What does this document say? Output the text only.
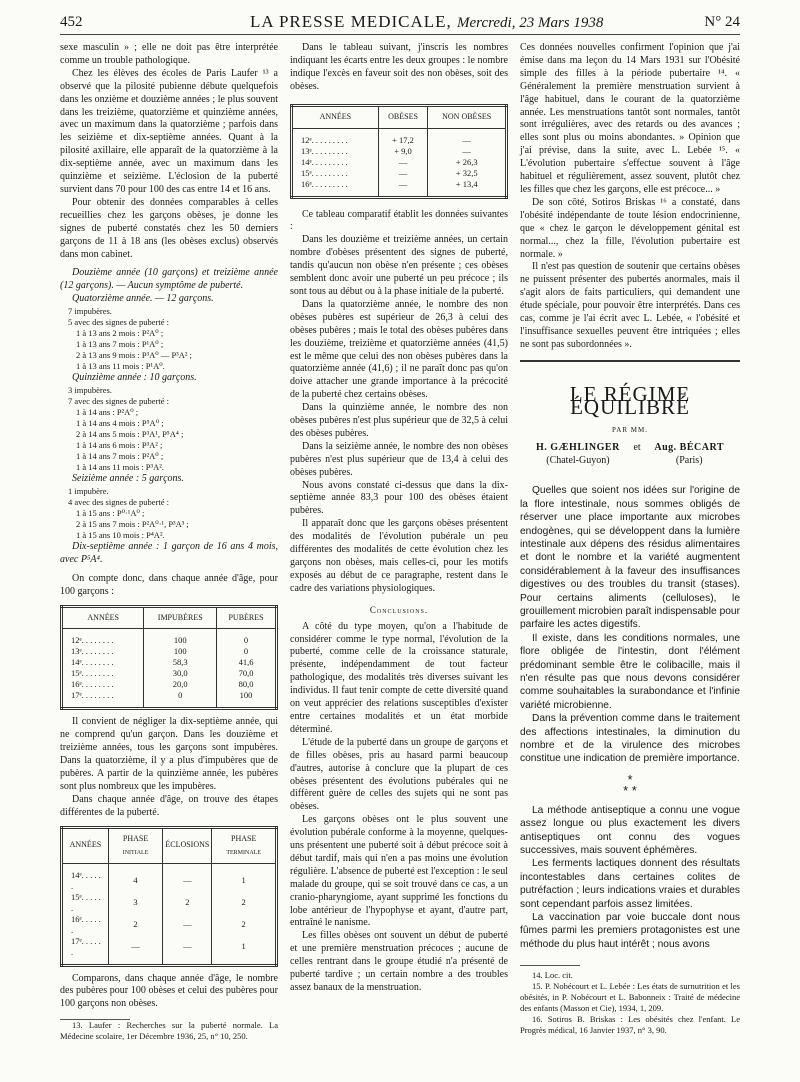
452	LA PRESSE MEDICALE, Mercredi, 23 Mars 1938	N° 24

sexe masculin » ; elle ne doit pas être interprétée comme un trouble pathologique.

Chez les élèves des écoles de Paris Laufer ¹³ a observé que la pilosité pubienne débute quelquefois dans les onzième et douzième années ; le plus souvent dans les treizième, quatorzième et quinzième années, avec un maximum dans la quatorzième ; parfois dans les seizième et dix-septième années. Quant à la pilosité axillaire, elle apparaît de la quatorzième à la dix-septième année, avec un maximum dans les quinzième et seizième. L'éclosion de la puberté survient dans 70 pour 100 des cas entre 14 et 16 ans.

Pour obtenir des données comparables à celles recueillies chez les garçons obèses, je donne les signes de puberté constatés chez les 50 derniers garçons de 11 à 18 ans (les obèses exclus) observés dans mon cabinet.

Douzième année (10 garçons) et treizième année (12 garçons). — Aucun symptôme de puberté.

Quatorzième année. — 12 garçons.

7 impubères.
5 avec des signes de puberté :
1 à 13 ans 2 mois : P²A⁰ ;
1 à 13 ans 7 mois : P¹A⁰ ;
2 à 13 ans 9 mois : P³A⁰ — P³A² ;
1 à 13 ans 11 mois : P¹A⁰.

Quinzième année : 10 garçons.

3 impubères.
7 avec des signes de puberté :
1 à 14 ans : P²A⁰ ;
1 à 14 ans 4 mois : P⁵A⁰ ;
2 à 14 ans 5 mois : P³A¹, P⁵A⁴ ;
1 à 14 ans 6 mois : P³A² ;
1 à 14 ans 7 mois : P²A⁰ ;
1 à 14 ans 11 mois : P³A².

Seizième année : 5 garçons.

1 impubère.
4 avec des signes de puberté :
1 à 15 ans : P⁰·¹A⁰ ;
2 à 15 ans 7 mois : P²A⁰·¹, P³A³ ;
1 à 15 ans 10 mois : P⁴A².

Dix-septième année : 1 garçon de 16 ans 4 mois, avec P⁵A⁴.

On compte donc, dans chaque année d'âge, pour 100 garçons :

ANNÉES	IMPUBÈRES	PUBÈRES

12ᵉ. . . . . . . .	100	0
13ᵉ. . . . . . . .	100	0
14ᵉ. . . . . . . .	58,3	41,6
15ᵉ. . . . . . . .	30,0	70,0
16ᵉ. . . . . . . .	20,0	80,0
17ᵉ. . . . . . . .	0	100

Il convient de négliger la dix-septième année, qui ne comprend qu'un garçon. Dans les douzième et treizième années, tous les garçons sont impubères. Dans la quatorzième, il y a plus d'impubères que de pubères. A partir de la quinzième année, les pubères sont plus nombreux que les impubères.

Dans chaque année d'âge, on trouve des étapes différentes de la puberté.

ANNÉES	PHASE initiale	ÉCLOSIONS	PHASE terminale

14ᵉ. . . . . .	4	—	1
15ᵉ. . . . . .	3	2	2
16ᵉ. . . . . .	2	—	2
17ᵉ. . . . . .	—	—	1

Comparons, dans chaque année d'âge, le nombre des pubères pour 100 obèses et celui des pubères pour 100 garçons non obèses.

13. Laufer : Recherches sur la puberté normale. La Médecine scolaire, 1er Décembre 1936, 25, n° 10, 250.

Dans le tableau suivant, j'inscris les nombres indiquant les écarts entre les deux groupes : le nombre indique l'excès en faveur soit des non obèses, soit des obèses.

ANNÉES	OBÈSES	NON OBÈSES

12ᵉ. . . . . . . . .	+ 17,2	—
13ᵉ. . . . . . . . .	+ 9,0	—
14ᵉ. . . . . . . . .	—	+ 26,3
15ᵉ. . . . . . . . .	—	+ 32,5
16ᵉ. . . . . . . . .	—	+ 13,4

Ce tableau comparatif établit les données suivantes :

Dans les douzième et treizième années, un certain nombre d'obèses présentent des signes de puberté, tandis qu'aucun non obèse n'en présente ; ces obèses semblent donc avoir une puberté un peu précoce ; ils sont tous au début ou à la phase initiale de la puberté.

Dans la quatorzième année, le nombre des non obèses pubères est supérieur de 26,3 à celui des obèses pubères ; mais le total des obèses pubères dans les douzième, treizième et quatorzième années (41,5) est le même que celui des non obèses pubères dans la quatorzième année (41,6) ; il ne paraît donc pas qu'on doive attacher une grande importance à la précocité de la puberté chez certains obèses.

Dans la quinzième année, le nombre des non obèses pubères n'est plus supérieur que de 32,5 à celui des obèses pubères.

Dans la seizième année, le nombre des non obèses pubères n'est plus supérieur que de 13,4 à celui des obèses pubères.

Nous avons constaté ci-dessus que dans la dix-septième année 83,3 pour 100 des obèses étaient pubères.

Il apparaît donc que les garçons obèses présentent des modalités de l'évolution pubérale un peu différentes des modalités de cette évolution chez les garçons non obèses, mais celles-ci, pour les motifs exposés au début de ce paragraphe, restent dans le cadre des variations physiologiques.

Conclusions.

A côté du type moyen, qu'on a l'habitude de considérer comme le type normal, l'évolution de la puberté, comme celle de la croissance staturale, présente, indépendamment de tout facteur pathologique, des modalités très diverses suivant les individus. Il faut tenir compte de cette diversité quand on veut apprécier des relations susceptibles d'exister entre certaines modalités et un état morbide déterminé.

L'étude de la puberté dans un groupe de garçons et de filles obèses, pris au hasard parmi beaucoup d'autres, autorise à conclure que la plupart de ces obèses présentent des évolutions pubérales qui ne diffèrent guère de celles des sujets qui ne sont pas obèses.

Les garçons obèses ont le plus souvent une évolution pubérale conforme à la moyenne, quelques-uns présentent une puberté soit à début précoce soit à début tardif, mais qui n'en a pas moins une évolution régulière. L'absence de puberté est l'exception : le seul malade du groupe, qui se soit trouvé dans ce cas, a un cranio-pharyngiome, ayant supprimé les fonctions du lobe antérieur de l'hypophyse et ayant, d'autre part, entraîné le nanisme.

Les filles obèses ont souvent un début de puberté et une première menstruation précoces ; aucune de celles rentrant dans le groupe étudié n'a présenté de puberté tardive ; un certain nombre a des troubles assez banaux de la menstruation.

Ces données nouvelles confirment l'opinion que j'ai émise dans ma leçon du 14 Mars 1931 sur l'Obésité simple des filles à la période pubertaire ¹⁴. « Généralement la première menstruation survient à l'âge habituel, dans le courant de la quatorzième année. Les menstruations tantôt sont normales, tantôt sont irrégulières, avec des retards ou des avances ; elles sont plus ou moins abondantes. » Opinion que j'ai prévise, dans la suite, avec L. Lebée ¹⁵. « L'évolution pubertaire s'effectue souvent à l'âge habituel et régulièrement, assez souvent, plutôt chez les filles que chez les garçons, elle est précoce... »

De son côté, Sotiros Briskas ¹⁶ a constaté, dans l'obésité indépendante de toute lésion endocrinienne, que « chez le garçon le développement génital est normal..., chez la fille, l'évolution pubertaire est normale. »

Il n'est pas question de soutenir que certains obèses ne puissent présenter des pubertés anormales, mais il s'agit alors de faits particuliers, qui demandent une étude spéciale, pour pouvoir être interprétés. Dans ces cas, comme je l'ai écrit avec L. Lebée, « l'obésité et l'insuffisance sexuelles peuvent être intriquées ; elles ne sont pas subordonnées ».

LE RÉGIME ÉQUILIBRÉ
PAR MM.
H. GÆHLINGER
(Chatel-Guyon)
et Aug. BÉCART
(Paris)

Quelles que soient nos idées sur l'origine de la flore intestinale, nous sommes obligés de réserver une place importante aux microbes endogènes, qui se développent dans la lumière intestinale aux dépens des résidus alimentaires et dont le nombre et la variété augmentent considérablement à la faveur des insuffisances digestives ou des troubles du transit (stases). Pour certains aliments (celluloses), le grouillement microbien paraît indispensable pour parfaire les actes digestifs.

Il existe, dans les conditions normales, une flore obligée de l'intestin, dont l'élément prédominant semble être le colibacille, mais il n'en résulte pas que nous devons considérer comme souhaitables la surabondance et l'infinie variété microbienne.

Dans la prévention comme dans le traitement des affections intestinales, la diminution du nombre et de la virulence des microbes constitue une indication de première importance.

*
* *

La méthode antiseptique a connu une vogue assez longue ou plus exactement les divers antiseptiques ont connu des vogues successives, mais souvent éphémères.

Les ferments lactiques donnent des résultats incontestables dans certaines colites de putréfaction ; leurs indications vraies et durables sont cependant parfois assez limitées.

La vaccination par voie buccale dont nous fûmes parmi les premiers protagonistes est une méthode du plus haut intérêt ; nous avons

14. Loc. cit.

15. P. Nobécourt et L. Lebée : Les états de surnutrition et les obésités, in P. Nobécourt et L. Babonneix : Traité de médecine des enfants (Masson et Cie), 1934, 1, 209.

16. Sotiros B. Briskas : Les obésités chez l'enfant. Le Progrès médical, 16 Janvier 1937, n° 3, 90.
